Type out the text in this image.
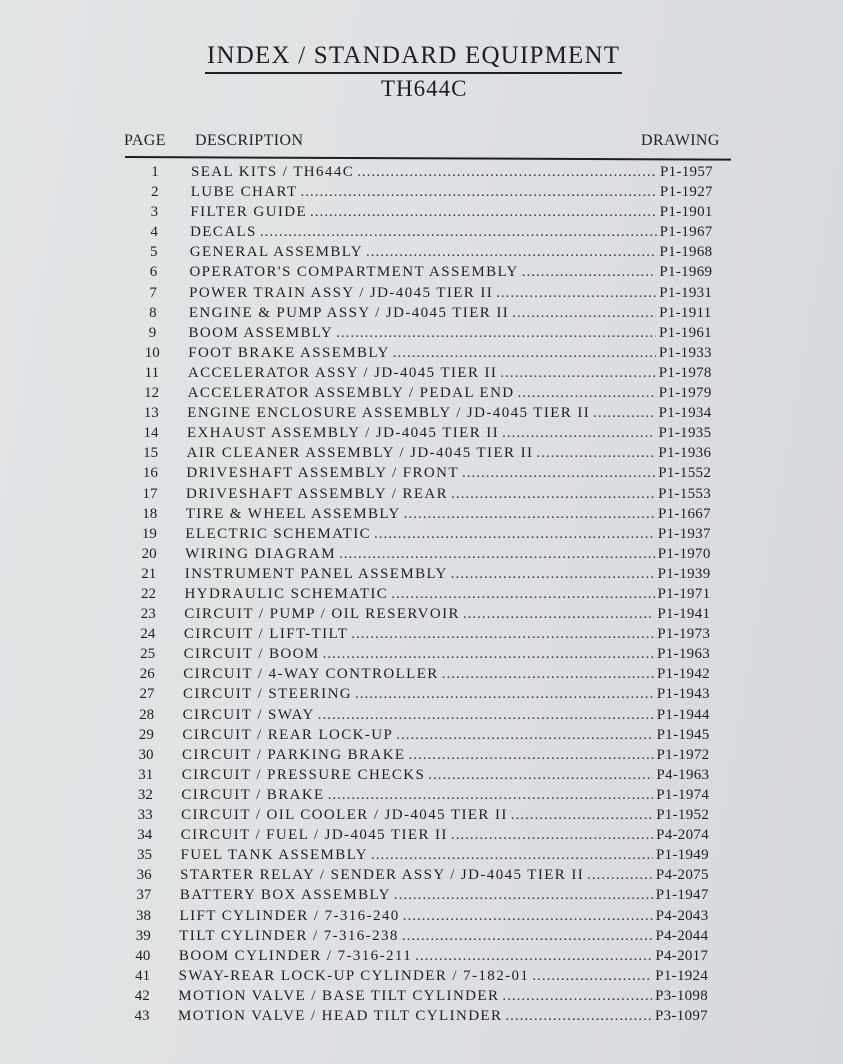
INDEX / STANDARD EQUIPMENT
TH644C
PAGE DESCRIPTION	DRAWING
1	SEAL KITS / TH644C .....	P1-1957
2	LUBE CHART .....	P1-1927
3	FILTER GUIDE .....	P1-1901
4	DECALS .....	P1-1967
5	GENERAL ASSEMBLY .....	P1-1968
6	OPERATOR'S COMPARTMENT ASSEMBLY .....	P1-1969
7	POWER TRAIN ASSY / JD-4045 TIER II .....	P1-1931
8	ENGINE & PUMP ASSY / JD-4045 TIER II .....	P1-1911
9	BOOM ASSEMBLY .....	P1-1961
10	FOOT BRAKE ASSEMBLY .....	P1-1933
11	ACCELERATOR ASSY / JD-4045 TIER II .....	P1-1978
12	ACCELERATOR ASSEMBLY / PEDAL END .....	P1-1979
13	ENGINE ENCLOSURE ASSEMBLY / JD-4045 TIER II .....	P1-1934
14	EXHAUST ASSEMBLY / JD-4045 TIER II .....	P1-1935
15	AIR CLEANER ASSEMBLY / JD-4045 TIER II .....	P1-1936
16	DRIVESHAFT ASSEMBLY / FRONT .....	P1-1552
17	DRIVESHAFT ASSEMBLY / REAR .....	P1-1553
18	TIRE & WHEEL ASSEMBLY .....	P1-1667
19	ELECTRIC SCHEMATIC .....	P1-1937
20	WIRING DIAGRAM .....	P1-1970
21	INSTRUMENT PANEL ASSEMBLY .....	P1-1939
22	HYDRAULIC SCHEMATIC .....	P1-1971
23	CIRCUIT / PUMP / OIL RESERVOIR .....	P1-1941
24	CIRCUIT / LIFT-TILT .....	P1-1973
25	CIRCUIT / BOOM .....	P1-1963
26	CIRCUIT / 4-WAY CONTROLLER .....	P1-1942
27	CIRCUIT / STEERING .....	P1-1943
28	CIRCUIT / SWAY .....	P1-1944
29	CIRCUIT / REAR LOCK-UP .....	P1-1945
30	CIRCUIT / PARKING BRAKE .....	P1-1972
31	CIRCUIT / PRESSURE CHECKS .....	P4-1963
32	CIRCUIT / BRAKE .....	P1-1974
33	CIRCUIT / OIL COOLER / JD-4045 TIER II .....	P1-1952
34	CIRCUIT / FUEL / JD-4045 TIER II .....	P4-2074
35	FUEL TANK ASSEMBLY .....	P1-1949
36	STARTER RELAY / SENDER ASSY / JD-4045 TIER II .....	P4-2075
37	BATTERY BOX ASSEMBLY .....	P1-1947
38	LIFT CYLINDER / 7-316-240 .....	P4-2043
39	TILT CYLINDER / 7-316-238 .....	P4-2044
40	BOOM CYLINDER / 7-316-211 .....	P4-2017
41	SWAY-REAR LOCK-UP CYLINDER / 7-182-01 .....	P1-1924
42	MOTION VALVE / BASE TILT CYLINDER .....	P3-1098
43	MOTION VALVE / HEAD TILT CYLINDER .....	P3-1097
